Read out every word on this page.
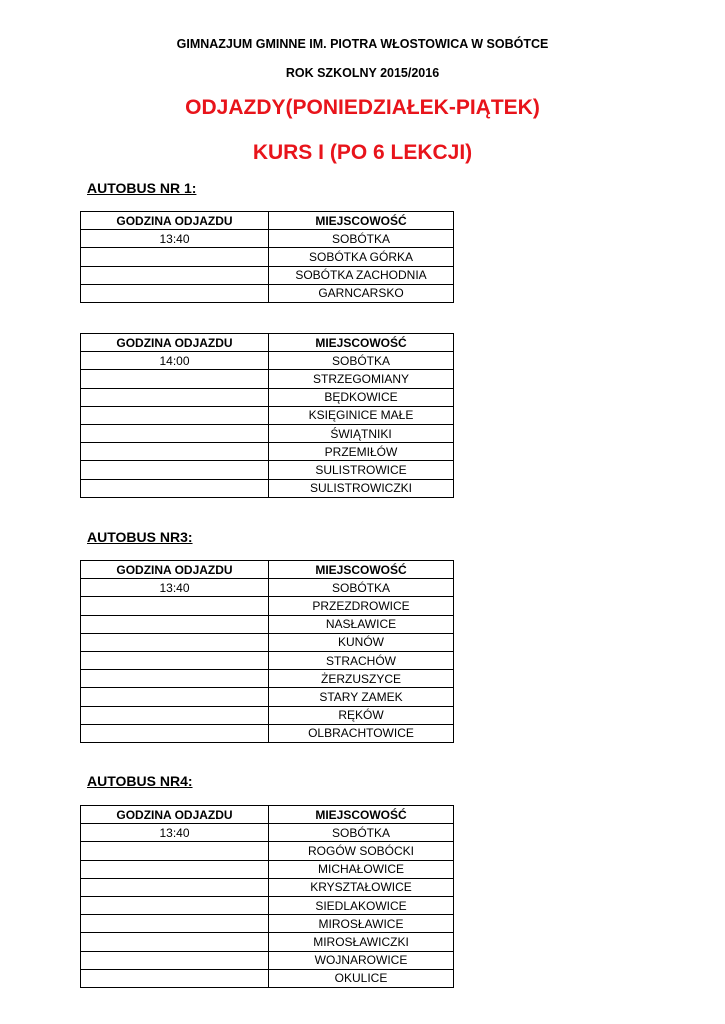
GIMNAZJUM GMINNE IM. PIOTRA WŁOSTOWICA W SOBÓTCE
ROK SZKOLNY 2015/2016
ODJAZDY(PONIEDZIAŁEK-PIĄTEK)
KURS I (PO 6 LEKCJI)
AUTOBUS NR 1:
GODZINA ODJAZDU	MIEJSCOWOŚĆ
13:40	SOBÓTKA
	SOBÓTKA GÓRKA
	SOBÓTKA ZACHODNIA
	GARNCARSKO
GODZINA ODJAZDU	MIEJSCOWOŚĆ
14:00	SOBÓTKA
	STRZEGOMIANY
	BĘDKOWICE
	KSIĘGINICE MAŁE
	ŚWIĄTNIKI
	PRZEMIŁÓW
	SULISTROWICE
	SULISTROWICZKI
AUTOBUS NR3:
GODZINA ODJAZDU	MIEJSCOWOŚĆ
13:40	SOBÓTKA
	PRZEZDROWICE
	NASŁAWICE
	KUNÓW
	STRACHÓW
	ŻERZUSZYCE
	STARY ZAMEK
	RĘKÓW
	OLBRACHTOWICE
AUTOBUS NR4:
GODZINA ODJAZDU	MIEJSCOWOŚĆ
13:40	SOBÓTKA
	ROGÓW SOBÓCKI
	MICHAŁOWICE
	KRYSZTAŁOWICE
	SIEDLAKOWICE
	MIROSŁAWICE
	MIROSŁAWICZKI
	WOJNAROWICE
	OKULICE
